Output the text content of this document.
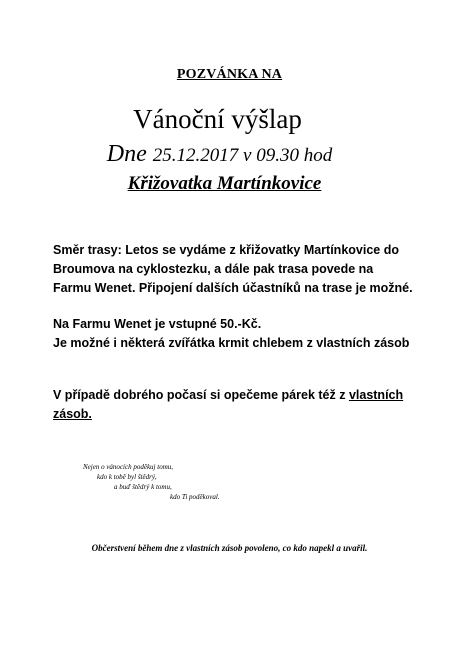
POZVÁNKA NA
Vánoční výšlap
Dne 25.12.2017 v 09.30 hod
Křižovatka Martínkovice
Směr trasy: Letos se vydáme z křižovatky Martínkovice do Broumova na cyklostezku, a dále pak trasa povede na Farmu Wenet. Připojení dalších účastníků na trase je možné.
Na Farmu Wenet je vstupné 50.-Kč.
Je možné i některá zvířátka krmit chlebem z vlastních zásob
V případě dobrého počasí si opečeme párek též z vlastních zásob.
Nejen o vánocích poděkuj tomu,
kdo k tobě byl štědrý,
a buď štědrý k tomu,
kdo Ti poděkoval.
Občerstvení během dne z vlastních zásob povoleno, co kdo napekl a uvařil.
